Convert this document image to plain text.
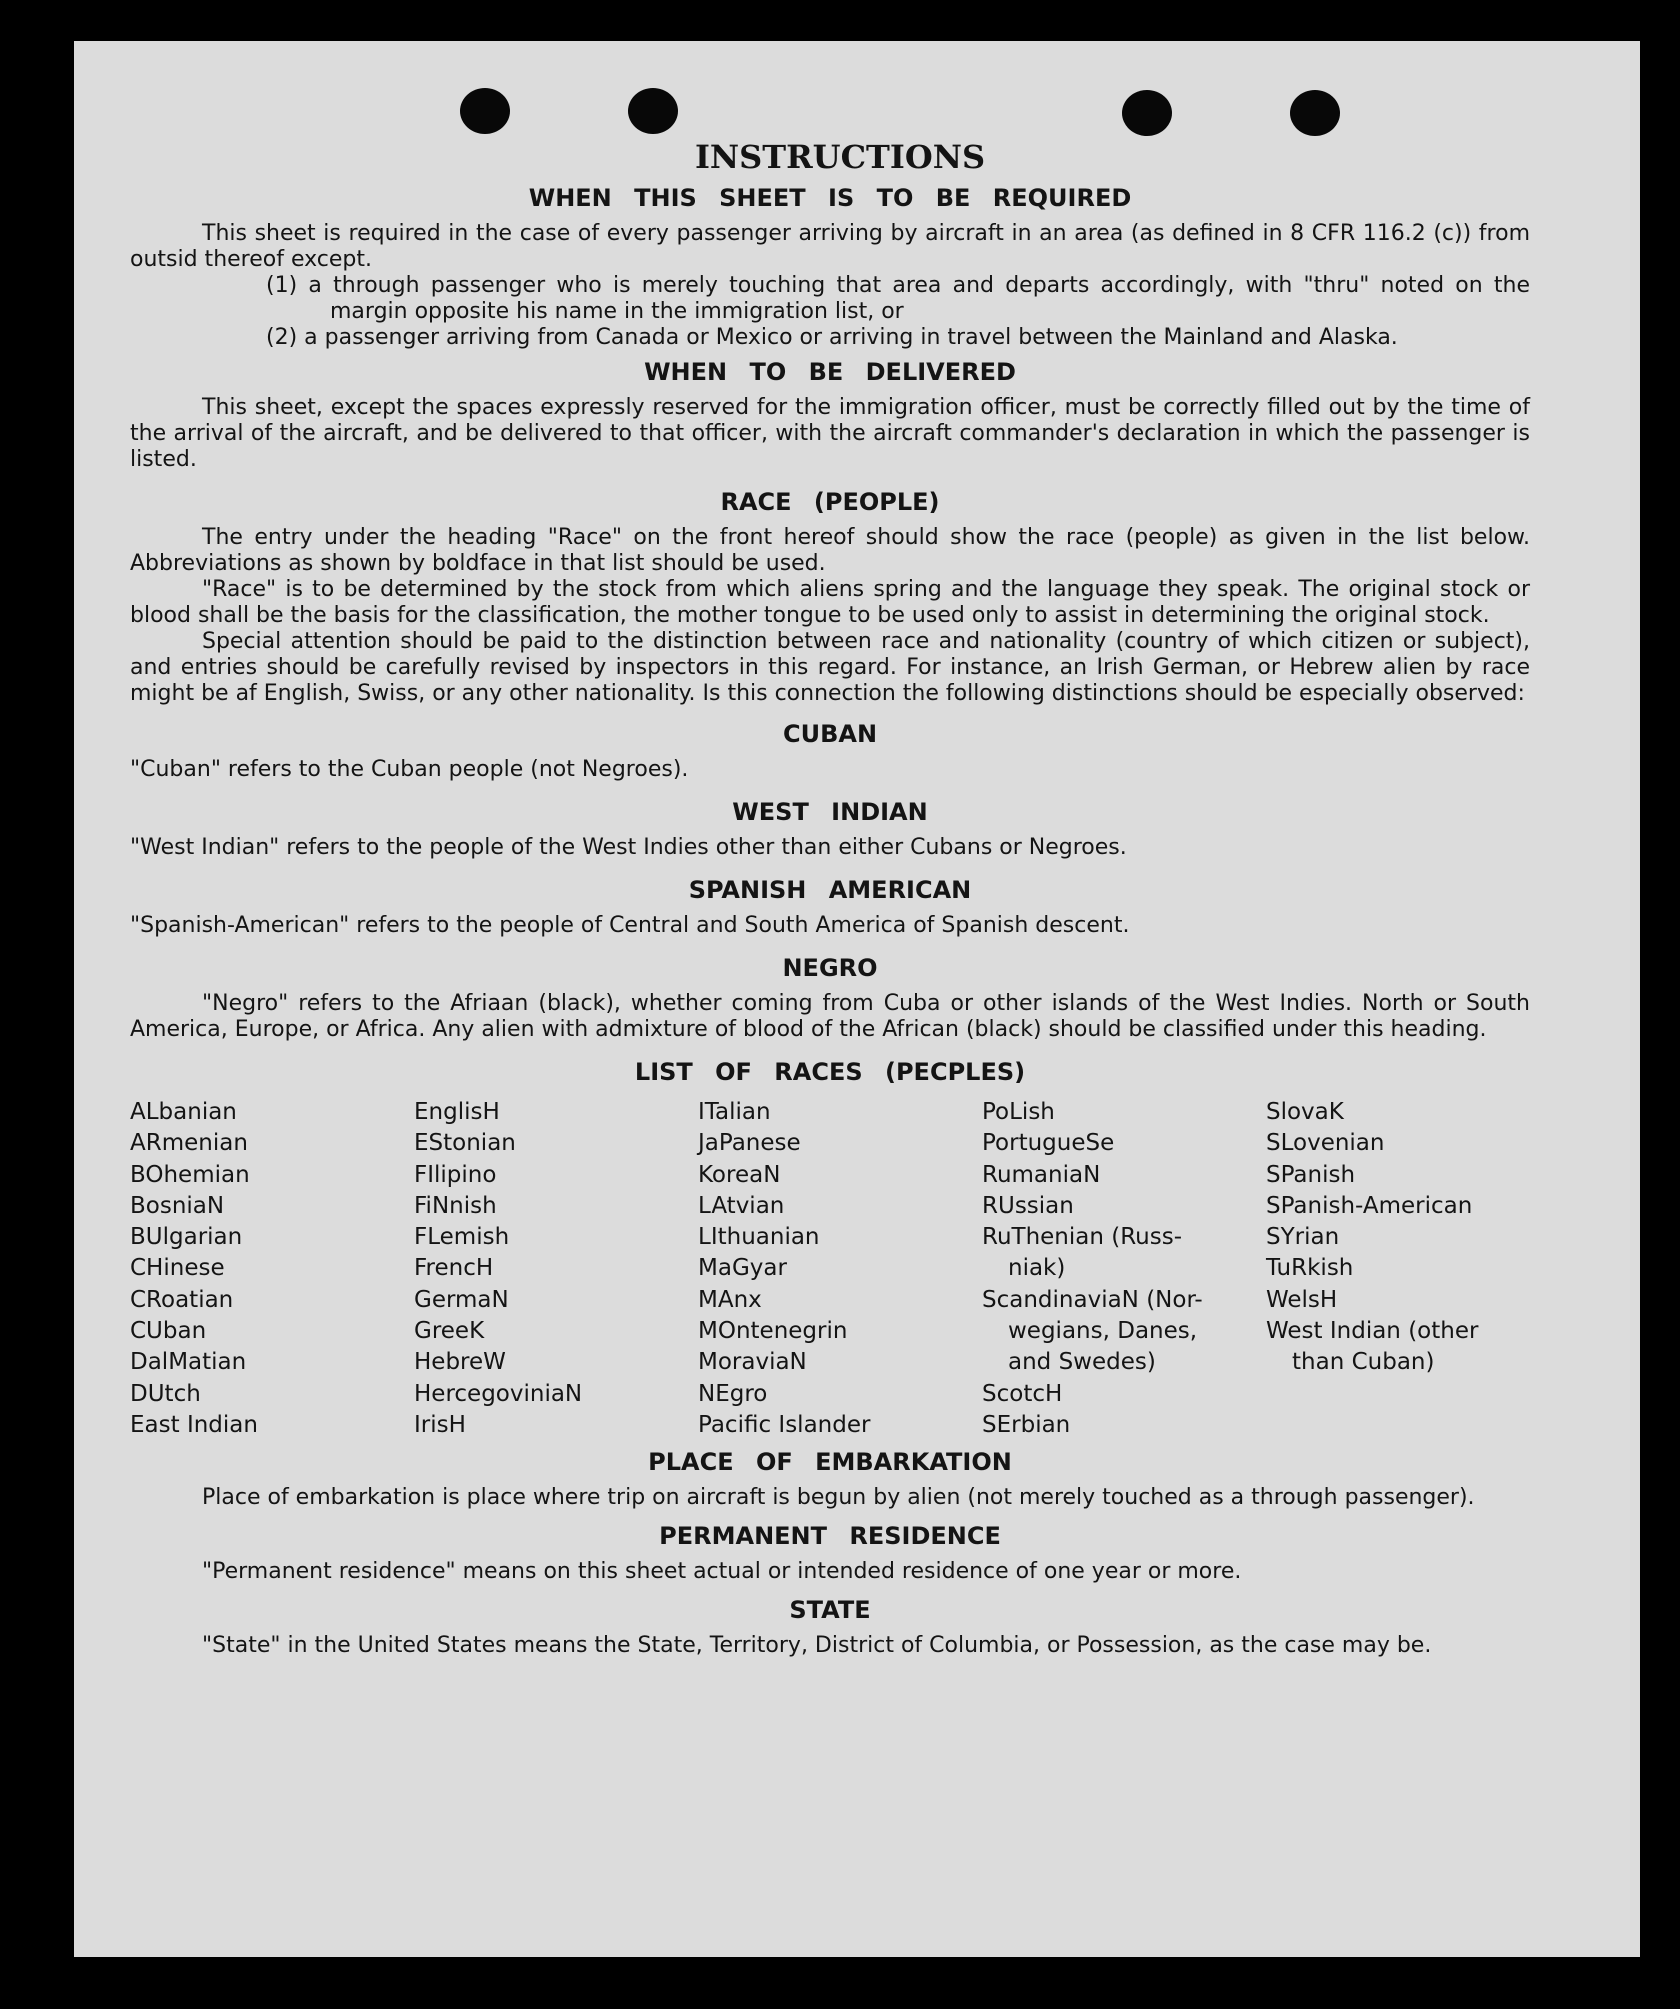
INSTRUCTIONS
WHEN THIS SHEET IS TO BE REQUIRED

This sheet is required in the case of every passenger arriving by aircraft in an area (as defined in 8 CFR 116.2 (c)) from outsid thereof except.

(1) a through passenger who is merely touching that area and departs accordingly, with "thru" noted on the margin opposite his name in the immigration list, or

(2) a passenger arriving from Canada or Mexico or arriving in travel between the Mainland and Alaska.

WHEN TO BE DELIVERED

This sheet, except the spaces expressly reserved for the immigration officer, must be correctly filled out by the time of the arrival of the aircraft, and be delivered to that officer, with the aircraft commander's declaration in which the passenger is listed.

RACE (PEOPLE)

The entry under the heading "Race" on the front hereof should show the race (people) as given in the list below. Abbreviations as shown by boldface in that list should be used.

"Race" is to be determined by the stock from which aliens spring and the language they speak. The original stock or blood shall be the basis for the classification, the mother tongue to be used only to assist in determining the original stock.

Special attention should be paid to the distinction between race and nationality (country of which citizen or subject), and entries should be carefully revised by inspectors in this regard. For instance, an Irish German, or Hebrew alien by race might be af English, Swiss, or any other nationality. Is this connection the following distinctions should be especially observed:

CUBAN

"Cuban" refers to the Cuban people (not Negroes).

WEST INDIAN

"West Indian" refers to the people of the West Indies other than either Cubans or Negroes.

SPANISH AMERICAN

"Spanish-American" refers to the people of Central and South America of Spanish descent.

NEGRO

"Negro" refers to the Afriaan (black), whether coming from Cuba or other islands of the West Indies. North or South America, Europe, or Africa. Any alien with admixture of blood of the African (black) should be classified under this heading.

LIST OF RACES (PECPLES)
ALbanian
ARmenian
BOhemian
BosniaN
BUlgarian
CHinese
CRoatian
CUban
DalMatian
DUtch
East Indian
EnglisH
EStonian
FIlipino
FiNnish
FLemish
FrencH
GermaN
GreeK
HebreW
HercegoviniaN
IrisH
ITalian
JaPanese
KoreaN
LAtvian
LIthuanian
MaGyar
MAnx
MOntenegrin
MoraviaN
NEgro
Pacific Islander
PoLish
PortugueSe
RumaniaN
RUssian
RuThenian (Russ-
niak)
ScandinaviaN (Nor-
wegians, Danes,
and Swedes)
ScotcH
SErbian
SlovaK
SLovenian
SPanish
SPanish-American
SYrian
TuRkish
WelsH
West Indian (other
than Cuban)
PLACE OF EMBARKATION

Place of embarkation is place where trip on aircraft is begun by alien (not merely touched as a through passenger).

PERMANENT RESIDENCE

"Permanent residence" means on this sheet actual or intended residence of one year or more.

STATE

"State" in the United States means the State, Territory, District of Columbia, or Possession, as the case may be.
